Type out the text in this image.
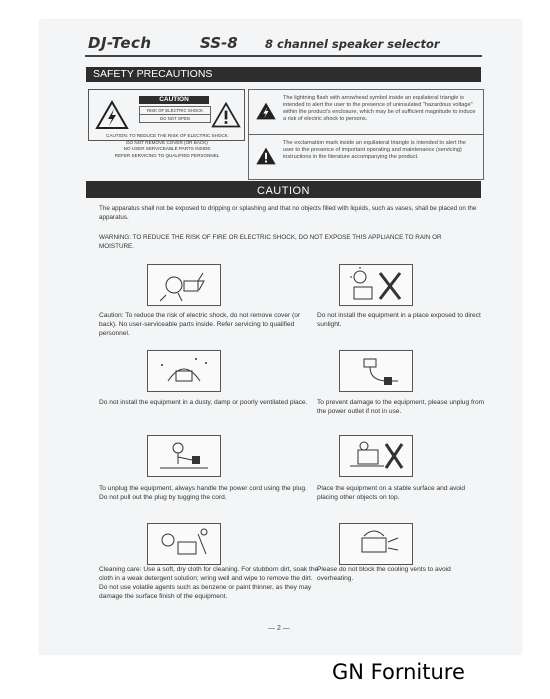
DJ-Tech	SS-8 8 channel speaker selector
SAFETY PRECAUTIONS
CAUTION
RISK OF ELECTRIC SHOCK
DO NOT OPEN
CAUTION: TO REDUCE THE RISK OF ELECTRIC SHOCK
DO NOT REMOVE COVER (OR BACK)
NO USER SERVICEABLE PARTS INSIDE
REFER SERVICING TO QUALIFIED PERSONNEL
The lightning flash with arrowhead symbol inside an equilateral triangle is intended to alert the user to the presence of uninsulated "hazardous voltage" within the product's enclosure, which may be of sufficient magnitude to induce a risk of electric shock to persons.
The exclamation mark inside an equilateral triangle is intended to alert the user to the presence of important operating and maintenance (servicing) instructions in the literature accompanying the product.
CAUTION
The apparatus shall not be exposed to dripping or splashing and that no objects filled with liquids, such as vases, shall be placed on the apparatus.
WARNING: TO REDUCE THE RISK OF FIRE OR ELECTRIC SHOCK, DO NOT EXPOSE THIS APPLIANCE TO RAIN OR MOISTURE.
Caution: To reduce the risk of electric shock, do not remove cover (or back). No user-serviceable parts inside. Refer servicing to qualified personnel.
Do not install the equipment in a place exposed to direct sunlight.
Do not install the equipment in a dusty, damp or poorly ventilated place. To prevent damage to the equipment, please unplug from the power outlet if not in use.
To unplug the equipment, always handle the power cord using the plug. Do not pull out the plug by tugging the cord.
Place the equipment on a stable surface and avoid placing other objects on top.
Cleaning care: Use a soft, dry cloth for cleaning. For stubborn dirt, soak the cloth in a weak detergent solution; wring well and wipe to remove the dirt. Do not use volatile agents such as benzene or paint thinner, as they may damage the surface finish of the equipment.
Please do not block the cooling vents to avoid overheating.
— 2 —
GN Forniture
